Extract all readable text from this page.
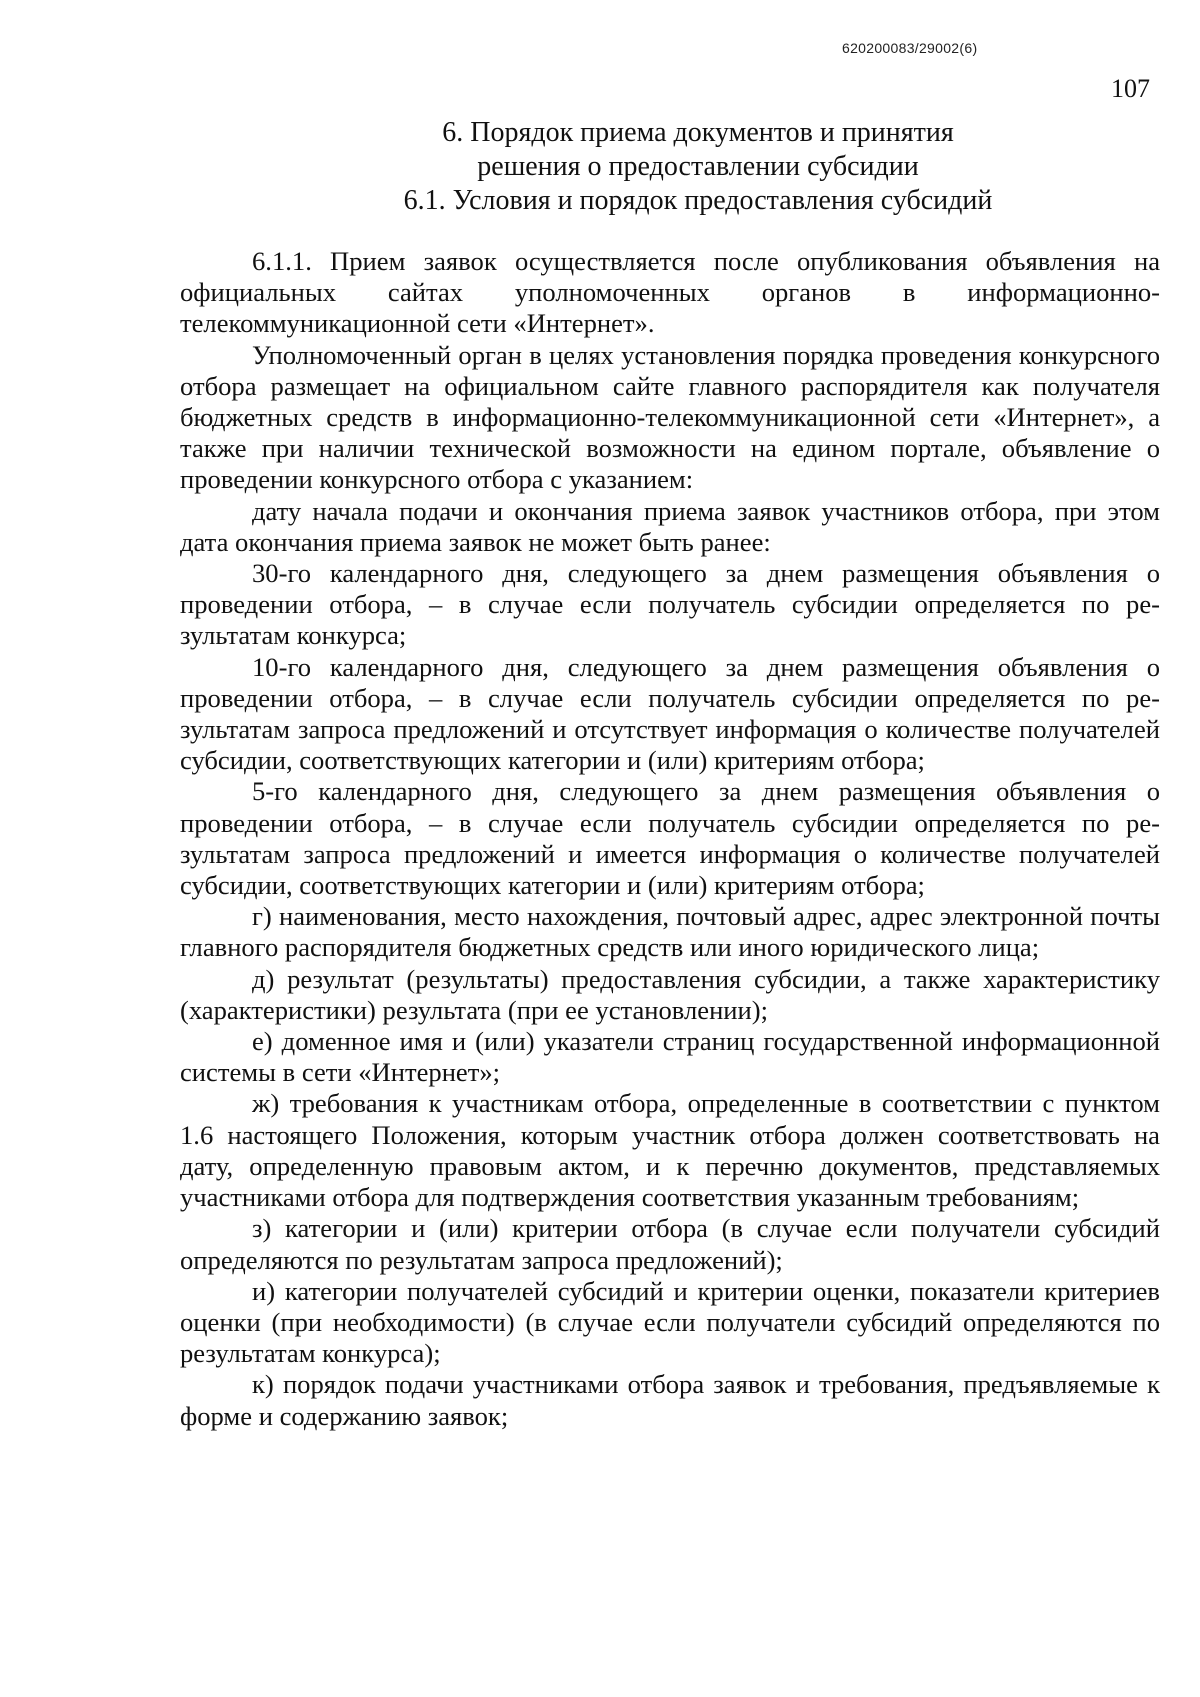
620200083/29002(6)
107
6. Порядок приема документов и принятия
решения о предоставлении субсидии
6.1. Условия и порядок предоставления субсидий

6.1.1. Прием заявок осуществляется после опубликования объявления на официальных сайтах уполномоченных органов в информационно-телекоммуникационной сети «Интернет».

Уполномоченный орган в целях установления порядка проведения конкурсного отбора размещает на официальном сайте главного распорядителя как получателя бюджетных средств в информационно-телекоммуникационной сети «Интернет», а также при наличии технической возможности на едином портале, объявление о проведении конкурсного отбора с указанием:

дату начала подачи и окончания приема заявок участников отбора, при этом дата окончания приема заявок не может быть ранее:

30-го календарного дня, следующего за днем размещения объявления о проведении отбора, – в случае если получатель субсидии определяется по результатам конкурса;

10-го календарного дня, следующего за днем размещения объявления о проведении отбора, – в случае если получатель субсидии определяется по результатам запроса предложений и отсутствует информация о количестве получателей субсидии, соответствующих категории и (или) критериям отбора;

5-го календарного дня, следующего за днем размещения объявления о проведении отбора, – в случае если получатель субсидии определяется по результатам запроса предложений и имеется информация о количестве получателей субсидии, соответствующих категории и (или) критериям отбора;

г) наименования, место нахождения, почтовый адрес, адрес электронной почты главного распорядителя бюджетных средств или иного юридического лица;

д) результат (результаты) предоставления субсидии, а также характеристику (характеристики) результата (при ее установлении);

е) доменное имя и (или) указатели страниц государственной информационной системы в сети «Интернет»;

ж) требования к участникам отбора, определенные в соответствии с пунктом 1.6 настоящего Положения, которым участник отбора должен соответствовать на дату, определенную правовым актом, и к перечню документов, представляемых участниками отбора для подтверждения соответствия указанным требованиям;

з) категории и (или) критерии отбора (в случае если получатели субсидий определяются по результатам запроса предложений);

и) категории получателей субсидий и критерии оценки, показатели критериев оценки (при необходимости) (в случае если получатели субсидий определяются по результатам конкурса);

к) порядок подачи участниками отбора заявок и требования, предъявляемые к форме и содержанию заявок;
